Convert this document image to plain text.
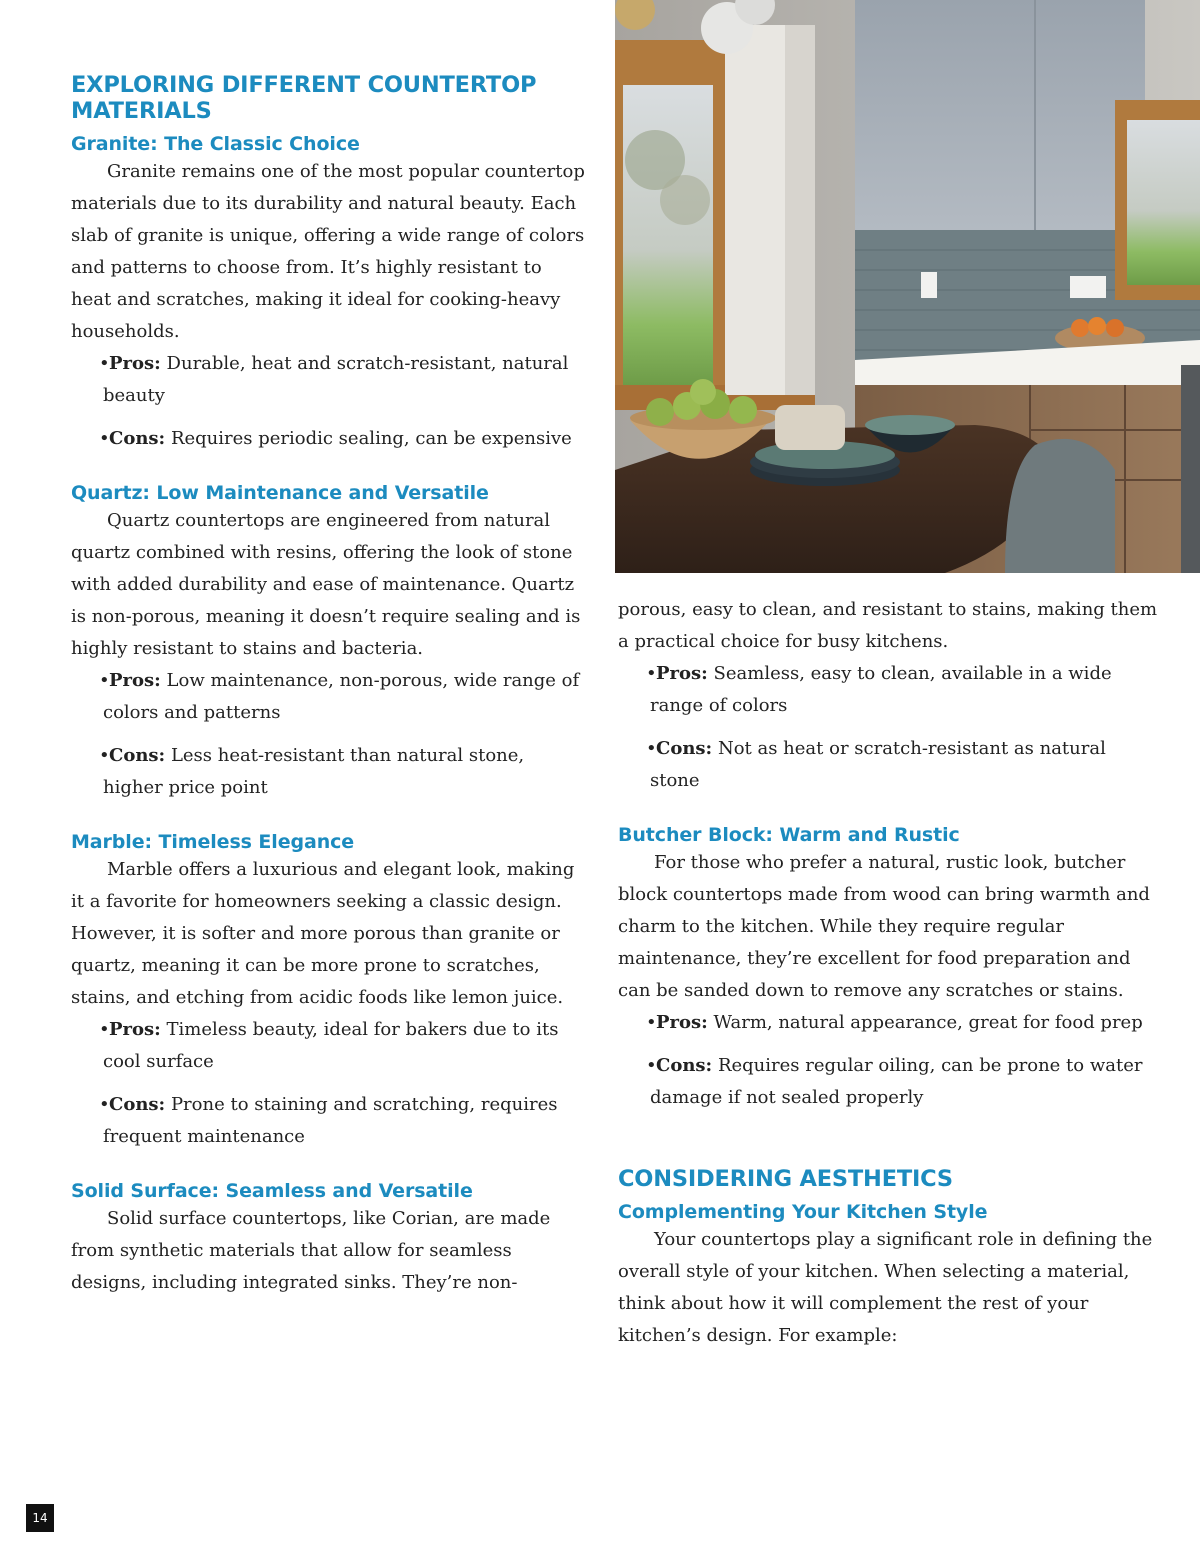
EXPLORING DIFFERENT COUNTERTOP MATERIALS
Granite: The Classic Choice

Granite remains one of the most popular countertop materials due to its durability and natural beauty. Each slab of granite is unique, offering a wide range of colors and patterns to choose from. It’s highly resistant to heat and scratches, making it ideal for cooking-heavy households.

•Pros: Durable, heat and scratch-resistant, natural beauty
•Cons: Requires periodic sealing, can be expensive
Quartz: Low Maintenance and Versatile

Quartz countertops are engineered from natural quartz combined with resins, offering the look of stone with added durability and ease of maintenance. Quartz is non-porous, meaning it doesn’t require sealing and is highly resistant to stains and bacteria.

•Pros: Low maintenance, non-porous, wide range of colors and patterns
•Cons: Less heat-resistant than natural stone, higher price point
Marble: Timeless Elegance

Marble offers a luxurious and elegant look, making it a favorite for homeowners seeking a classic design. However, it is softer and more porous than granite or quartz, meaning it can be more prone to scratches, stains, and etching from acidic foods like lemon juice.

•Pros: Timeless beauty, ideal for bakers due to its cool surface
•Cons: Prone to staining and scratching, requires frequent maintenance
Solid Surface: Seamless and Versatile

Solid surface countertops, like Corian, are made from synthetic materials that allow for seamless designs, including integrated sinks. They’re non-

porous, easy to clean, and resistant to stains, making them a practical choice for busy kitchens.

•Pros: Seamless, easy to clean, available in a wide range of colors
•Cons: Not as heat or scratch-resistant as natural stone
Butcher Block: Warm and Rustic

For those who prefer a natural, rustic look, butcher block countertops made from wood can bring warmth and charm to the kitchen. While they require regular maintenance, they’re excellent for food preparation and can be sanded down to remove any scratches or stains.

•Pros: Warm, natural appearance, great for food prep
•Cons: Requires regular oiling, can be prone to water damage if not sealed properly
CONSIDERING AESTHETICS
Complementing Your Kitchen Style

Your countertops play a significant role in defining the overall style of your kitchen. When selecting a material, think about how it will complement the rest of your kitchen’s design. For example:

14
